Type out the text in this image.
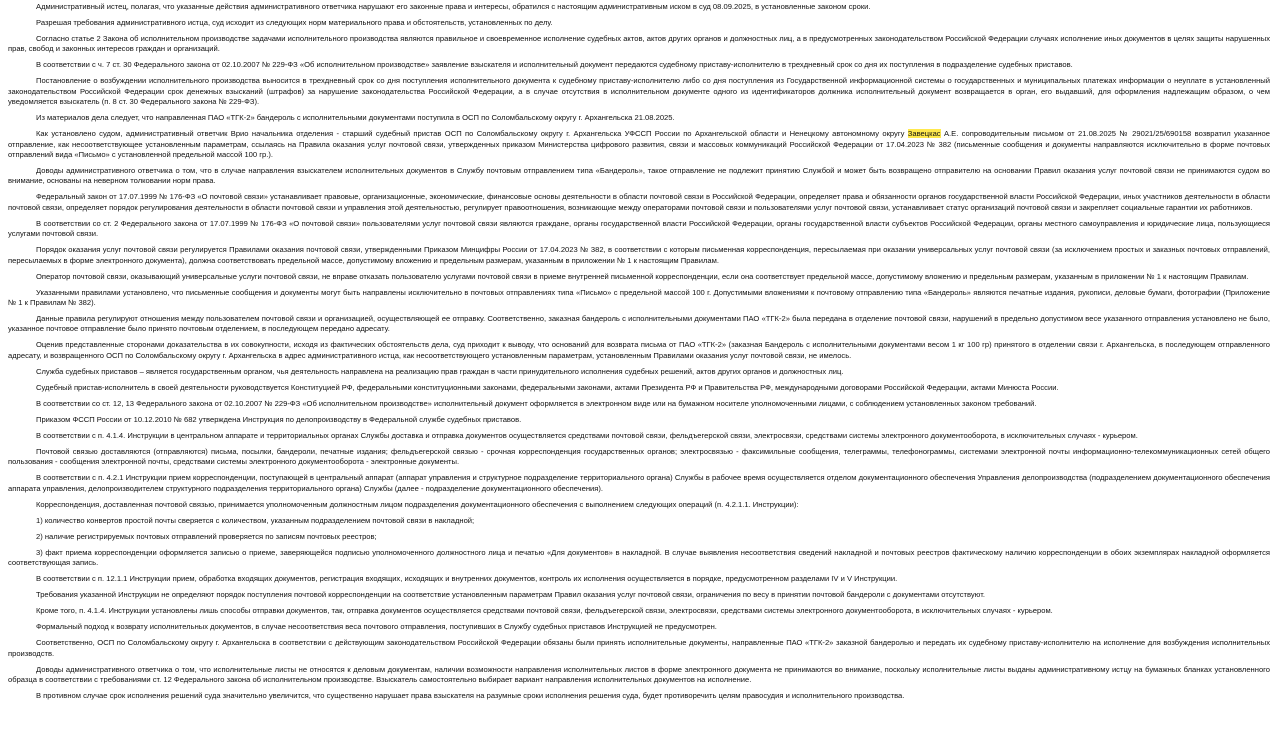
Административный истец, полагая, что указанные действия административного ответчика нарушают его законные права и интересы, обратился с настоящим административным иском в суд 08.09.2025, в установленные законом сроки.

Разрешая требования административного истца, суд исходит из следующих норм материального права и обстоятельств, установленных по делу.

Согласно статье 2 Закона об исполнительном производстве задачами исполнительного производства являются правильное и своевременное исполнение судебных актов, актов других органов и должностных лиц, а в предусмотренных законодательством Российской Федерации случаях исполнение иных документов в целях защиты нарушенных прав, свобод и законных интересов граждан и организаций.

В соответствии с ч. 7 ст. 30 Федерального закона от 02.10.2007 № 229-ФЗ «Об исполнительном производстве» заявление взыскателя и исполнительный документ передаются судебному приставу-исполнителю в трехдневный срок со дня их поступления в подразделение судебных приставов.

Постановление о возбуждении исполнительного производства выносится в трехдневный срок со дня поступления исполнительного документа к судебному приставу-исполнителю либо со дня поступления из Государственной информационной системы о государственных и муниципальных платежах информации о неуплате в установленный законодательством Российской Федерации срок денежных взысканий (штрафов) за нарушение законодательства Российской Федерации, а в случае отсутствия в исполнительном документе одного из идентификаторов должника исполнительный документ возвращается в орган, его выдавший, для оформления надлежащим образом, о чем уведомляется взыскатель (п. 8 ст. 30 Федерального закона № 229-ФЗ).

Из материалов дела следует, что направленная ПАО «ТГК-2» бандероль с исполнительными документами поступила в ОСП по Соломбальскому округу г. Архангельска 21.08.2025.

Как установлено судом, административный ответчик Врио начальника отделения - старший судебный пристав ОСП по Соломбальскому округу г. Архангельска УФССП России по Архангельской области и Ненецкому автономному округу Завецкас А.Е. сопроводительным письмом от 21.08.2025 № 29021/25/690158 возвратил указанное отправление, как несоответствующее установленным параметрам, ссылаясь на Правила оказания услуг почтовой связи, утвержденных приказом Министерства цифрового развития, связи и массовых коммуникаций Российской Федерации от 17.04.2023 № 382 (письменные сообщения и документы направляются исключительно в форме почтовых отправлений вида «Письмо» с установленной предельной массой 100 гр.).

Доводы административного ответчика о том, что в случае направления взыскателем исполнительных документов в Службу почтовым отправлением типа «Бандероль», такое отправление не подлежит принятию Службой и может быть возвращено отправителю на основании Правил оказания услуг почтовой связи не принимаются судом во внимание, основаны на неверном толковании норм права.

Федеральный закон от 17.07.1999 № 176-ФЗ «О почтовой связи» устанавливает правовые, организационные, экономические, финансовые основы деятельности в области почтовой связи в Российской Федерации, определяет права и обязанности органов государственной власти Российской Федерации, иных участников деятельности в области почтовой связи, определяет порядок регулирования деятельности в области почтовой связи и управления этой деятельностью, регулирует правоотношения, возникающие между операторами почтовой связи и пользователями услуг почтовой связи, устанавливает статус организаций почтовой связи и закрепляет социальные гарантии их работников.

В соответствии со ст. 2 Федерального закона от 17.07.1999 № 176-ФЗ «О почтовой связи» пользователями услуг почтовой связи являются граждане, органы государственной власти Российской Федерации, органы государственной власти субъектов Российской Федерации, органы местного самоуправления и юридические лица, пользующиеся услугами почтовой связи.

Порядок оказания услуг почтовой связи регулируется Правилами оказания почтовой связи, утвержденными Приказом Минцифры России от 17.04.2023 № 382, в соответствии с которым письменная корреспонденция, пересылаемая при оказании универсальных услуг почтовой связи (за исключением простых и заказных почтовых отправлений, пересылаемых в форме электронного документа), должна соответствовать предельной массе, допустимому вложению и предельным размерам, указанным в приложении № 1 к настоящим Правилам.

Оператор почтовой связи, оказывающий универсальные услуги почтовой связи, не вправе отказать пользователю услугами почтовой связи в приеме внутренней письменной корреспонденции, если она соответствует предельной массе, допустимому вложению и предельным размерам, указанным в приложении № 1 к настоящим Правилам.

Указанными правилами установлено, что письменные сообщения и документы могут быть направлены исключительно в почтовых отправлениях типа «Письмо» с предельной массой 100 г. Допустимыми вложениями к почтовому отправлению типа «Бандероль» являются печатные издания, рукописи, деловые бумаги, фотографии (Приложение № 1 к Правилам № 382).

Данные правила регулируют отношения между пользователем почтовой связи и организацией, осуществляющей ее отправку. Соответственно, заказная бандероль с исполнительными документами ПАО «ТГК-2» была передана в отделение почтовой связи, нарушений в предельно допустимом весе указанного отправления установлено не было, указанное почтовое отправление было принято почтовым отделением, в последующем передано адресату.

Оценив представленные сторонами доказательства в их совокупности, исходя из фактических обстоятельств дела, суд приходит к выводу, что оснований для возврата письма от ПАО «ТГК-2» (заказная Бандероль с исполнительными документами весом 1 кг 100 гр) принятого в отделении связи г. Архангельска, в последующем отправленного адресату, и возвращенного ОСП по Соломбальскому округу г. Архангельска в адрес административного истца, как несоответствующего установленным параметрам, установленным Правилами оказания услуг почтовой связи, не имелось.

Служба судебных приставов – является государственным органом, чья деятельность направлена на реализацию прав граждан в части принудительного исполнения судебных решений, актов других органов и должностных лиц.

Судебный пристав-исполнитель в своей деятельности руководствуется Конституцией РФ, федеральными конституционными законами, федеральными законами, актами Президента РФ и Правительства РФ, международными договорами Российской Федерации, актами Минюста России.

В соответствии со ст. 12, 13 Федерального закона от 02.10.2007 № 229-ФЗ «Об исполнительном производстве» исполнительный документ оформляется в электронном виде или на бумажном носителе уполномоченными лицами, с соблюдением установленных законом требований.

Приказом ФССП России от 10.12.2010 № 682 утверждена Инструкция по делопроизводству в Федеральной службе судебных приставов.

В соответствии с п. 4.1.4. Инструкции в центральном аппарате и территориальных органах Службы доставка и отправка документов осуществляется средствами почтовой связи, фельдъегерской связи, электросвязи, средствами системы электронного документооборота, в исключительных случаях - курьером.

Почтовой связью доставляются (отправляются) письма, посылки, бандероли, печатные издания; фельдъегерской связью - срочная корреспонденция государственных органов; электросвязью - факсимильные сообщения, телеграммы, телефонограммы, системами электронной почты информационно-телекоммуникационных сетей общего пользования - сообщения электронной почты, средствами системы электронного документооборота - электронные документы.

В соответствии с п. 4.2.1 Инструкции прием корреспонденции, поступающей в центральный аппарат (аппарат управления и структурное подразделение территориального органа) Службы в рабочее время осуществляется отделом документационного обеспечения Управления делопроизводства (подразделением документационного обеспечения аппарата управления, делопроизводителем структурного подразделения территориального органа) Службы (далее - подразделение документационного обеспечения).

Корреспонденция, доставленная почтовой связью, принимается уполномоченным должностным лицом подразделения документационного обеспечения с выполнением следующих операций (п. 4.2.1.1. Инструкции):

1) количество конвертов простой почты сверяется с количеством, указанным подразделением почтовой связи в накладной;

2) наличие регистрируемых почтовых отправлений проверяется по записям почтовых реестров;

3) факт приема корреспонденции оформляется записью о приеме, заверяющейся подписью уполномоченного должностного лица и печатью «Для документов» в накладной. В случае выявления несоответствия сведений накладной и почтовых реестров фактическому наличию корреспонденции в обоих экземплярах накладной оформляется соответствующая запись.

В соответствии с п. 12.1.1 Инструкции прием, обработка входящих документов, регистрация входящих, исходящих и внутренних документов, контроль их исполнения осуществляется в порядке, предусмотренном разделами IV и V Инструкции.

Требования указанной Инструкции не определяют порядок поступления почтовой корреспонденции на соответствие установленным параметрам Правил оказания услуг почтовой связи, ограничения по весу в принятии почтовой бандероли с документами отсутствуют.

Кроме того, п. 4.1.4. Инструкции установлены лишь способы отправки документов, так, отправка документов осуществляется средствами почтовой связи, фельдъегерской связи, электросвязи, средствами системы электронного документооборота, в исключительных случаях - курьером.

Формальный подход к возврату исполнительных документов, в случае несоответствия веса почтового отправления, поступивших в Службу судебных приставов Инструкцией не предусмотрен.

Соответственно, ОСП по Соломбальскому округу г. Архангельска в соответствии с действующим законодательством Российской Федерации обязаны были принять исполнительные документы, направленные ПАО «ТГК-2» заказной бандеролью и передать их судебному приставу-исполнителю на исполнение для возбуждения исполнительных производств.

Доводы административного ответчика о том, что исполнительные листы не относятся к деловым документам, наличии возможности направления исполнительных листов в форме электронного документа не принимаются во внимание, поскольку исполнительные листы выданы административному истцу на бумажных бланках установленного образца в соответствии с требованиями ст. 12 Федерального закона об исполнительном производстве. Взыскатель самостоятельно выбирает вариант направления исполнительных документов на исполнение.

В противном случае срок исполнения решений суда значительно увеличится, что существенно нарушает права взыскателя на разумные сроки исполнения решения суда, будет противоречить целям правосудия и исполнительного производства.
